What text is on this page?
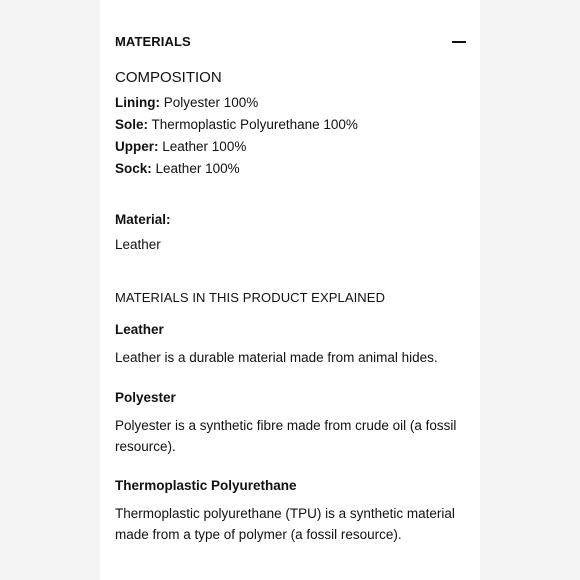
MATERIALS
COMPOSITION
Lining: Polyester 100%
Sole: Thermoplastic Polyurethane 100%
Upper: Leather 100%
Sock: Leather 100%
Material:
Leather
MATERIALS IN THIS PRODUCT EXPLAINED
Leather
Leather is a durable material made from animal hides.
Polyester
Polyester is a synthetic fibre made from crude oil (a fossil resource).
Thermoplastic Polyurethane
Thermoplastic polyurethane (TPU) is a synthetic material made from a type of polymer (a fossil resource).
